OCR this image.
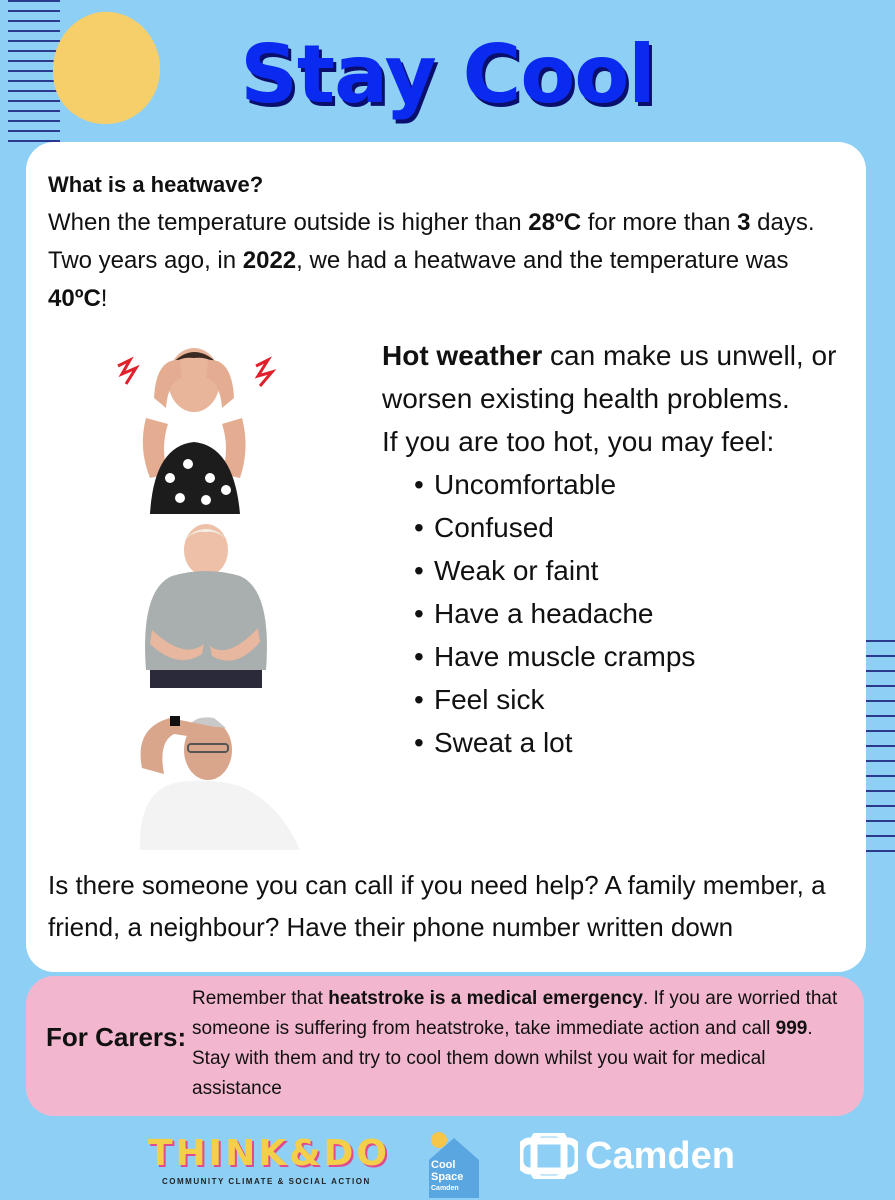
Stay Cool
What is a heatwave?

When the temperature outside is higher than 28ºC for more than 3 days. Two years ago, in 2022, we had a heatwave and the temperature was 40ºC!

Hot weather can make us unwell, or worsen existing health problems.

If you are too hot, you may feel:

• Uncomfortable
• Confused
• Weak or faint
• Have a headache
• Have muscle cramps
• Feel sick
• Sweat a lot

Is there someone you can call if you need help? A family member, a friend, a neighbour? Have their phone number written down

For Carers:

Remember that heatstroke is a medical emergency. If you are worried that someone is suffering from heatstroke, take immediate action and call 999. Stay with them and try to cool them down whilst you wait for medical assistance

THINK&DO
COMMUNITY CLIMATE & SOCIAL ACTION
Cool
Space
Camden
Camden
